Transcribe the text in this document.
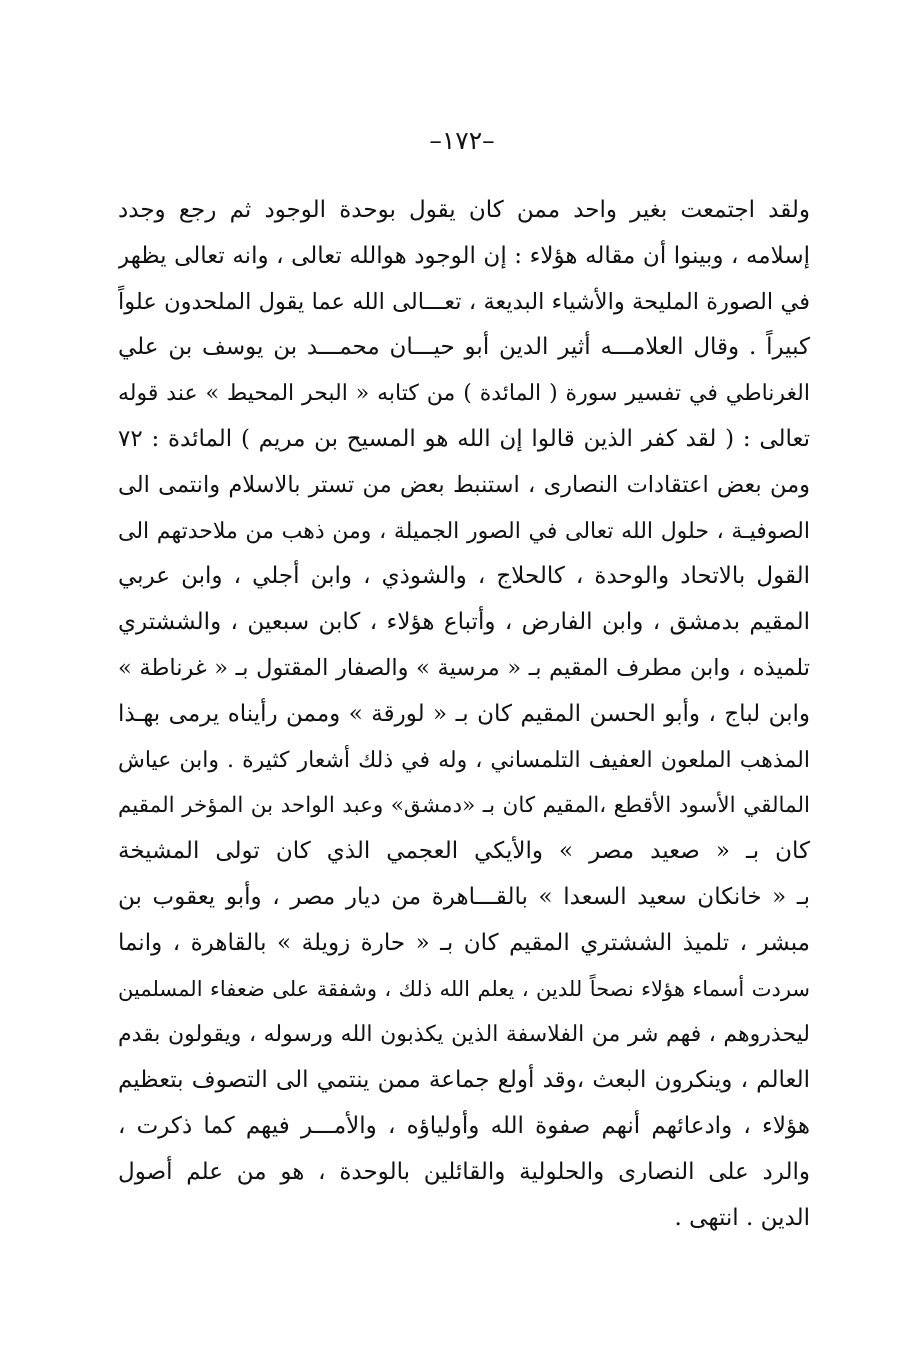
–١٧٢–
ولقد اجتمعت بغير واحد ممن كان يقول بوحدة الوجود ثم رجع وجدد
إسلامه ، وبينوا أن مقاله هؤلاء : إن الوجود هوالله تعالى ، وانه تعالى يظهر
في الصورة المليحة والأشياء البديعة ، تعـــالى الله عما يقول الملحدون علواً
كبيراً . وقال العلامـــه أثير الدين أبو حيـــان محمـــد بن يوسف بن علي
الغرناطي في تفسير سورة ( المائدة ) من كتابه « البحر المحيط » عند قوله
تعالى : ( لقد كفر الذين قالوا إن الله هو المسيح بن مريم ) المائدة : ٧٢
ومن بعض اعتقادات النصارى ، استنبط بعض من تستر بالاسلام وانتمى الى
الصوفيـة ، حلول الله تعالى في الصور الجميلة ، ومن ذهب من ملاحدتهم الى
القول بالاتحاد والوحدة ، كالحلاج ، والشوذي ، وابن أجلي ، وابن عربي
المقيم بدمشق ، وابن الفارض ، وأتباع هؤلاء ، كابن سبعين ، والششتري
تلميذه ، وابن مطرف المقيم بـ « مرسية » والصفار المقتول بـ « غرناطة »
وابن لباج ، وأبو الحسن المقيم كان بـ « لورقة » وممن رأيناه يرمى بهـذا
المذهب الملعون العفيف التلمساني ، وله في ذلك أشعار كثيرة . وابن عياش
المالقي الأسود الأقطع ،المقيم كان بـ «دمشق» وعبد الواحد بن المؤخر المقيم
كان بـ « صعيد مصر » والأيكي العجمي الذي كان تولى المشيخة
بـ « خانكان سعيد السعدا » بالقـــاهرة من ديار مصر ، وأبو يعقوب بن
مبشر ، تلميذ الششتري المقيم كان بـ « حارة زويلة » بالقاهرة ، وانما
سردت أسماء هؤلاء نصحاً للدين ، يعلم الله ذلك ، وشفقة على ضعفاء المسلمين
ليحذروهم ، فهم شر من الفلاسفة الذين يكذبون الله ورسوله ، ويقولون بقدم
العالم ، وينكرون البعث ،وقد أولع جماعة ممن ينتمي الى التصوف بتعظيم
هؤلاء ، وادعائهم أنهم صفوة الله وأولياؤه ، والأمـــر فيهم كما ذكرت ،
والرد على النصارى والحلولية والقائلين بالوحدة ، هو من علم أصول
الدين . انتهى .
